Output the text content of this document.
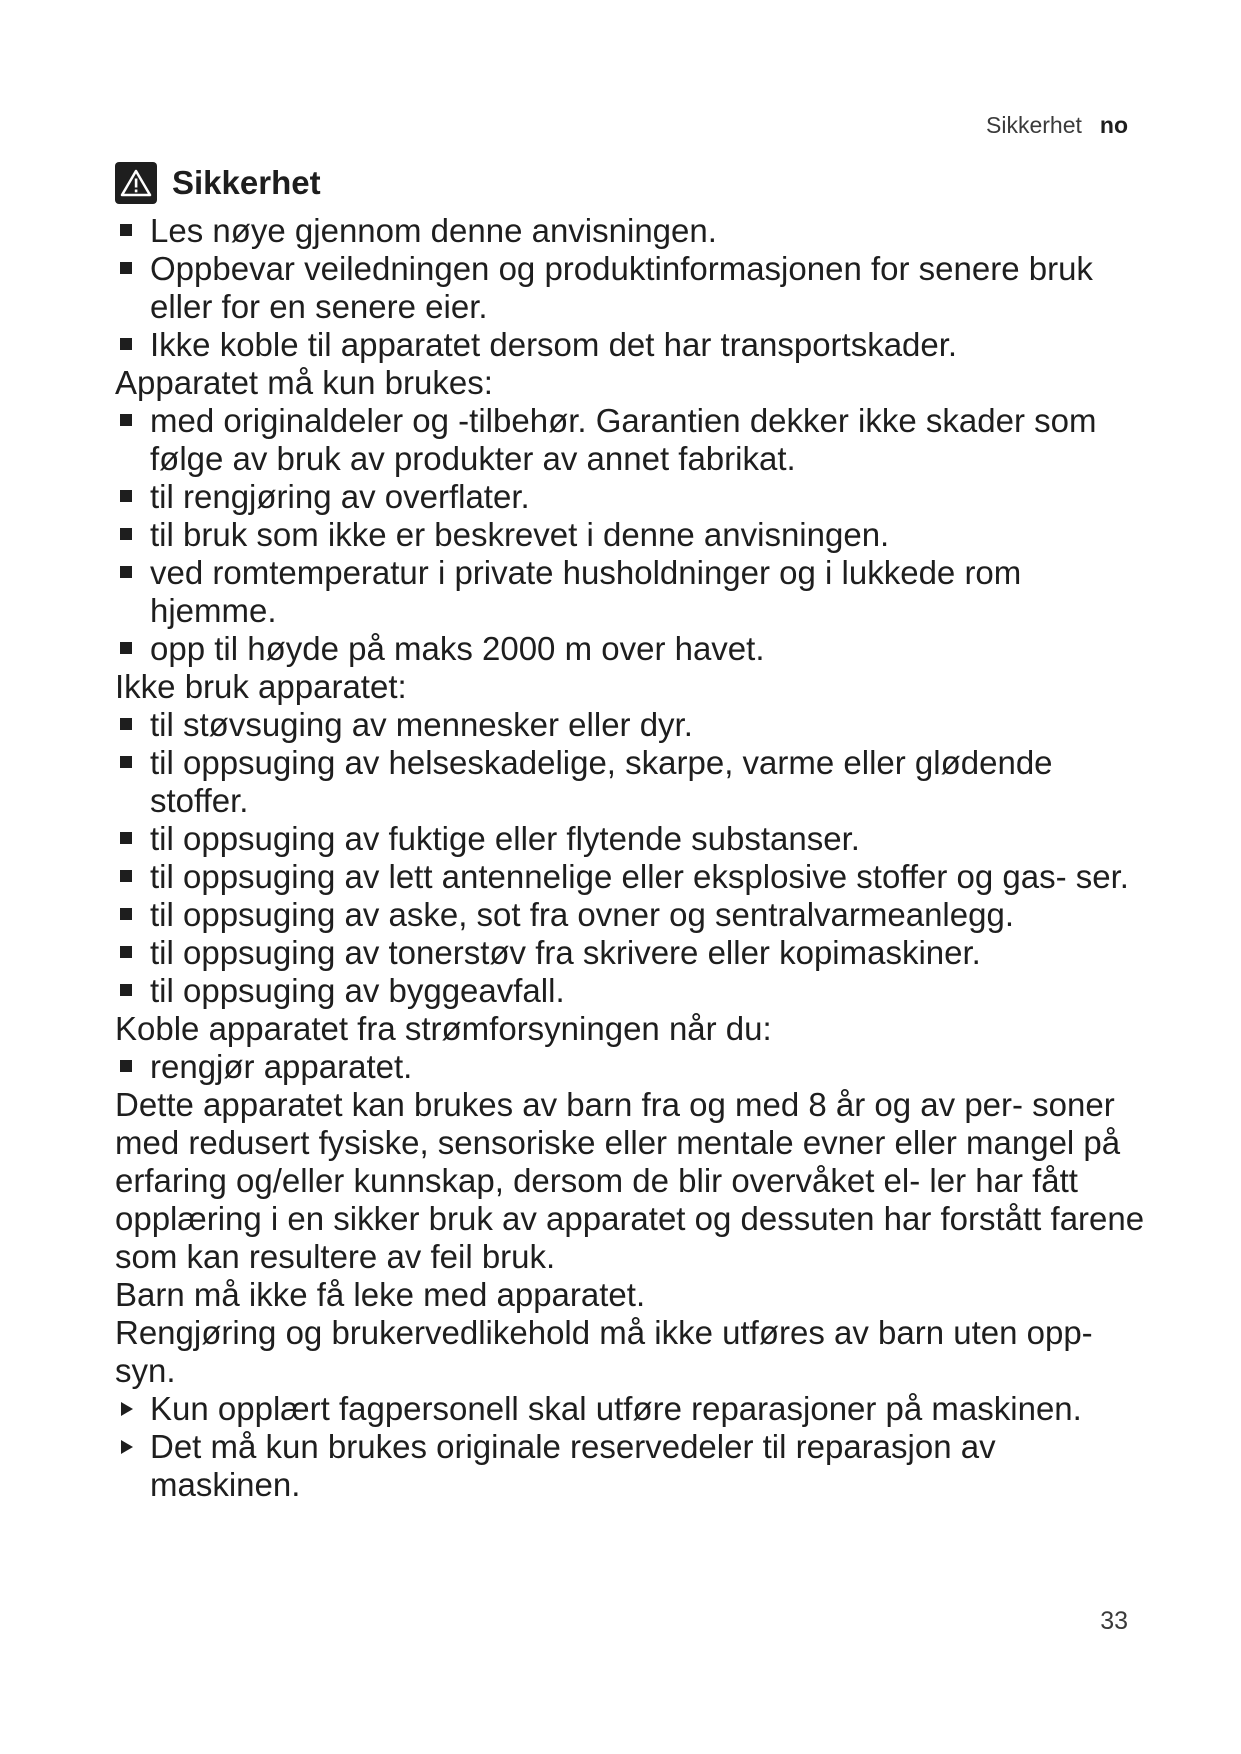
Sikkerhet no
Sikkerhet
Les nøye gjennom denne anvisningen.
Oppbevar veiledningen og produktinformasjonen for senere bruk eller for en senere eier.
Ikke koble til apparatet dersom det har transportskader.
Apparatet må kun brukes:
med originaldeler og -tilbehør. Garantien dekker ikke skader som følge av bruk av produkter av annet fabrikat.
til rengjøring av overflater.
til bruk som ikke er beskrevet i denne anvisningen.
ved romtemperatur i private husholdninger og i lukkede rom hjemme.
opp til høyde på maks 2000 m over havet.
Ikke bruk apparatet:
til støvsuging av mennesker eller dyr.
til oppsuging av helseskadelige, skarpe, varme eller glødende stoffer.
til oppsuging av fuktige eller flytende substanser.
til oppsuging av lett antennelige eller eksplosive stoffer og gas- ser.
til oppsuging av aske, sot fra ovner og sentralvarmeanlegg.
til oppsuging av tonerstøv fra skrivere eller kopimaskiner.
til oppsuging av byggeavfall.
Koble apparatet fra strømforsyningen når du:
rengjør apparatet.
Dette apparatet kan brukes av barn fra og med 8 år og av per- soner med redusert fysiske, sensoriske eller mentale evner eller mangel på erfaring og/eller kunnskap, dersom de blir overvåket el- ler har fått opplæring i en sikker bruk av apparatet og dessuten har forstått farene som kan resultere av feil bruk.
Barn må ikke få leke med apparatet.
Rengjøring og brukervedlikehold må ikke utføres av barn uten opp- syn.
Kun opplært fagpersonell skal utføre reparasjoner på maskinen.
Det må kun brukes originale reservedeler til reparasjon av maskinen.
33
